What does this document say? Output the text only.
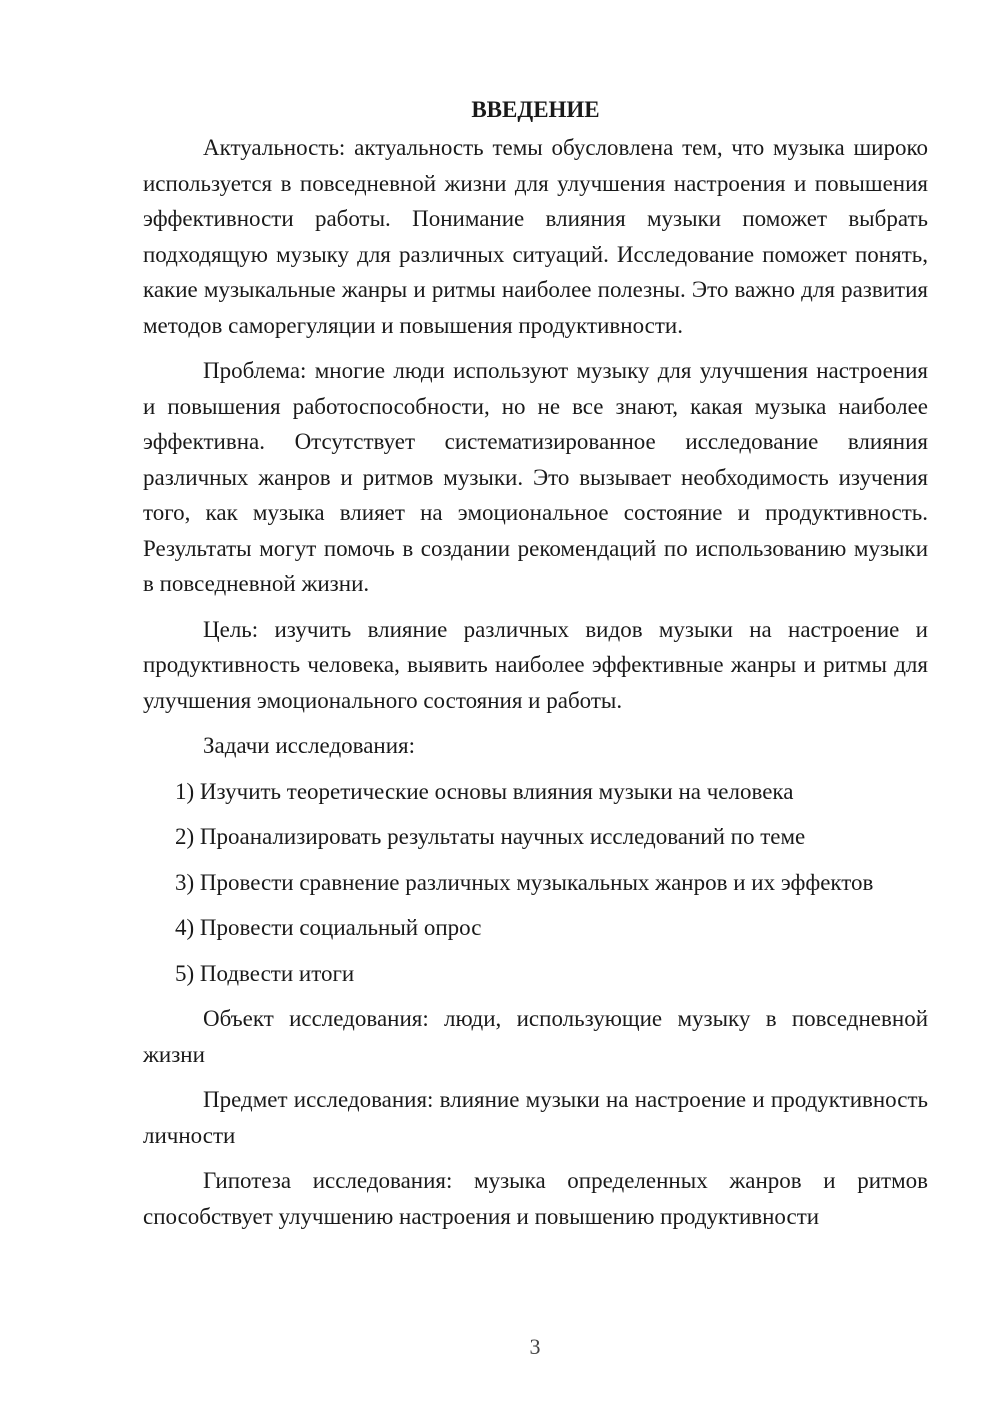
ВВЕДЕНИЕ

Актуальность: актуальность темы обусловлена тем, что музыка широко используется в повседневной жизни для улучшения настроения и повышения эффективности работы. Понимание влияния музыки поможет выбрать подходящую музыку для различных ситуаций. Исследование поможет понять, какие музыкальные жанры и ритмы наиболее полезны. Это важно для развития методов саморегуляции и повышения продуктивности.

Проблема: многие люди используют музыку для улучшения настроения и повышения работоспособности, но не все знают, какая музыка наиболее эффективна. Отсутствует систематизированное исследование влияния различных жанров и ритмов музыки. Это вызывает необходимость изучения того, как музыка влияет на эмоциональное состояние и продуктивность. Результаты могут помочь в создании рекомендаций по использованию музыки в повседневной жизни.

Цель: изучить влияние различных видов музыки на настроение и продуктивность человека, выявить наиболее эффективные жанры и ритмы для улучшения эмоционального состояния и работы.

Задачи исследования:

1) Изучить теоретические основы влияния музыки на человека
2) Проанализировать результаты научных исследований по теме
3) Провести сравнение различных музыкальных жанров и их эффектов
4) Провести социальный опрос
5) Подвести итоги

Объект исследования: люди, использующие музыку в повседневной жизни

Предмет исследования: влияние музыки на настроение и продуктивность личности

Гипотеза исследования: музыка определенных жанров и ритмов способствует улучшению настроения и повышению продуктивности

3
